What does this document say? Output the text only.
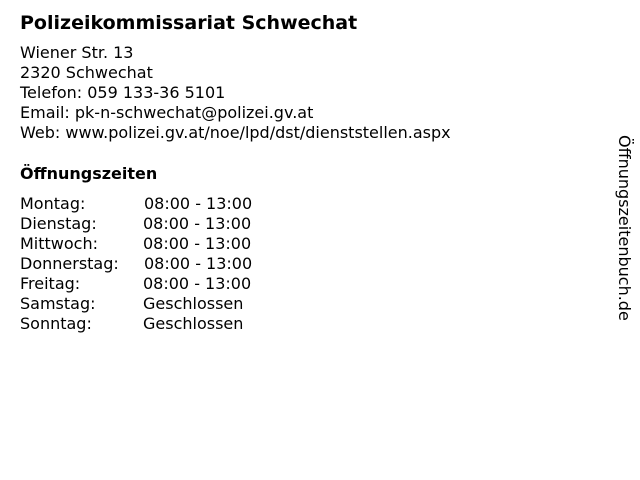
Polizeikommissariat Schwechat
Wiener Str. 13
2320 Schwechat
Telefon: 059 133-36 5101
Email: pk-n-schwechat@polizei.gv.at
Web: www.polizei.gv.at/noe/lpd/dst/dienststellen.aspx
Öffnungszeiten
Montag:	08:00 - 13:00
Dienstag:	08:00 - 13:00
Mittwoch:	08:00 - 13:00
Donnerstag: 08:00 - 13:00
Freitag:	08:00 - 13:00
Samstag:	Geschlossen
Sonntag:	Geschlossen
Öffnungszeitenbuch.de
